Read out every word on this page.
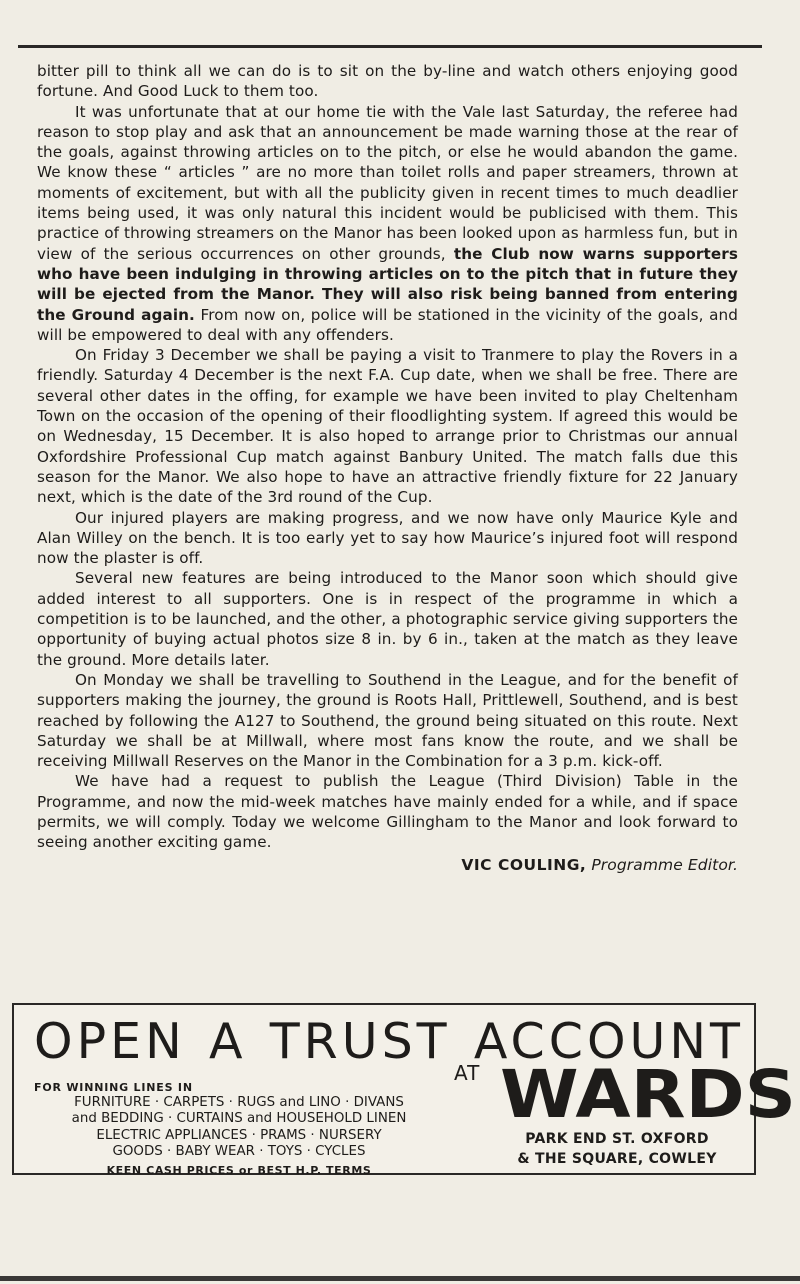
bitter pill to think all we can do is to sit on the by-line and watch others enjoying good fortune. And Good Luck to them too.

It was unfortunate that at our home tie with the Vale last Saturday, the referee had reason to stop play and ask that an announcement be made warning those at the rear of the goals, against throwing articles on to the pitch, or else he would abandon the game. We know these “ articles ” are no more than toilet rolls and paper streamers, thrown at moments of excitement, but with all the publicity given in recent times to much deadlier items being used, it was only natural this incident would be publicised with them. This practice of throwing streamers on the Manor has been looked upon as harmless fun, but in view of the serious occurrences on other grounds, the Club now warns supporters who have been indulging in throwing articles on to the pitch that in future they will be ejected from the Manor. They will also risk being banned from entering the Ground again. From now on, police will be stationed in the vicinity of the goals, and will be empowered to deal with any offenders.

On Friday 3 December we shall be paying a visit to Tranmere to play the Rovers in a friendly. Saturday 4 December is the next F.A. Cup date, when we shall be free. There are several other dates in the offing, for example we have been invited to play Cheltenham Town on the occasion of the opening of their floodlighting system. If agreed this would be on Wednesday, 15 December. It is also hoped to arrange prior to Christmas our annual Oxfordshire Professional Cup match against Banbury United. The match falls due this season for the Manor. We also hope to have an attractive friendly fixture for 22 January next, which is the date of the 3rd round of the Cup.

Our injured players are making progress, and we now have only Maurice Kyle and Alan Willey on the bench. It is too early yet to say how Maurice’s injured foot will respond now the plaster is off.

Several new features are being introduced to the Manor soon which should give added interest to all supporters. One is in respect of the programme in which a competition is to be launched, and the other, a photographic service giving supporters the opportunity of buying actual photos size 8 in. by 6 in., taken at the match as they leave the ground. More details later.

On Monday we shall be travelling to Southend in the League, and for the benefit of supporters making the journey, the ground is Roots Hall, Prittlewell, Southend, and is best reached by following the A127 to Southend, the ground being situated on this route. Next Saturday we shall be at Millwall, where most fans know the route, and we shall be receiving Millwall Reserves on the Manor in the Combination for a 3 p.m. kick-off.

We have had a request to publish the League (Third Division) Table in the Programme, and now the mid-week matches have mainly ended for a while, and if space permits, we will comply. Today we welcome Gillingham to the Manor and look forward to seeing another exciting game.

VIC COULING, Programme Editor.
OPEN A TRUST ACCOUNT
FOR WINNING LINES IN
FURNITURE · CARPETS · RUGS and LINO · DIVANS
and BEDDING · CURTAINS and HOUSEHOLD LINEN
ELECTRIC APPLIANCES · PRAMS · NURSERY
GOODS · BABY WEAR · TOYS · CYCLES
KEEN CASH PRICES or BEST H.P. TERMS
AT WARDS
PARK END ST. OXFORD
& THE SQUARE, COWLEY
